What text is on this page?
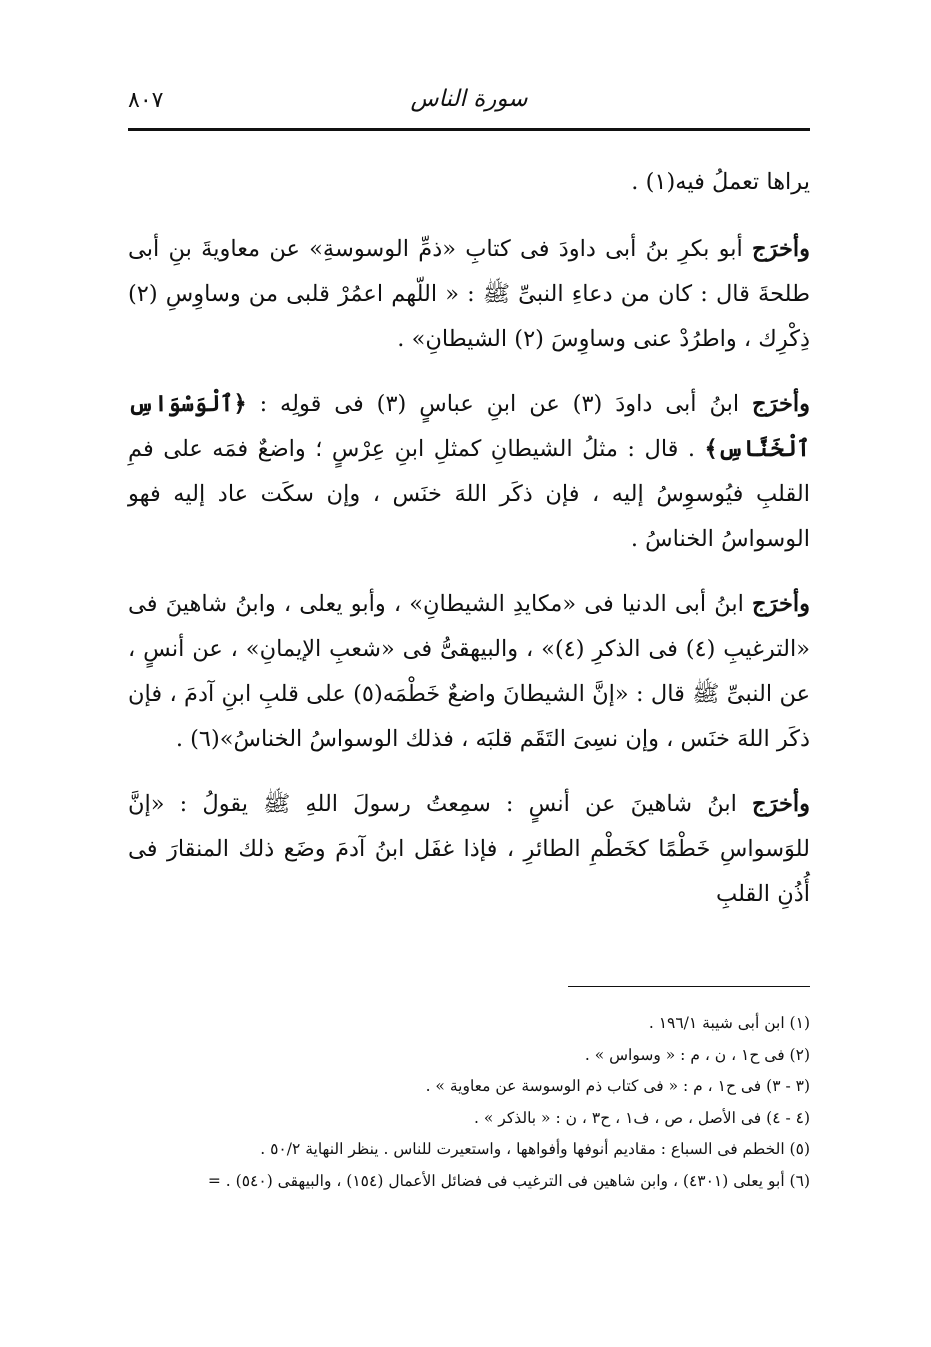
٨٠٧	سورة الناس

يراها تعملُ فيه(١) .

وأخرَج أبو بكرِ بنُ أبى داودَ فى كتابِ «ذمِّ الوسوسةِ» عن معاويةَ بنِ أبى طلحةَ قال : كان من دعاءِ النبىِّ ﷺ : « اللّهم اعمُرْ قلبى من وساوِسِ (٢) ذِكْرِك ، واطرُدْ عنى وساوِسَ (٢) الشيطانِ» .

وأخرَج ابنُ أبى داودَ (٣) عن ابنِ عباسٍ (٣) فى قولِه : ﴿ٱلْوَسْوَاسِ ٱلْخَنَّاسِ﴾ . قال : مثلُ الشيطانِ كمثلِ ابنِ عِرْسٍ ؛ واضعٌ فمَه على فمِ القلبِ فيُوسوِسُ إليه ، فإن ذكَر اللهَ خنَس ، وإن سكَت عاد إليه فهو الوسواسُ الخناسُ .

وأخرَج ابنُ أبى الدنيا فى «مكايدِ الشيطانِ» ، وأبو يعلى ، وابنُ شاهينَ فى «الترغيبِ (٤) فى الذكرِ (٤)» ، والبيهقىُّ فى «شعبِ الإيمانِ» ، عن أنسٍ ، عن النبىِّ ﷺ قال : «إنَّ الشيطانَ واضعٌ خَطْمَه(٥) على قلبِ ابنِ آدمَ ، فإن ذكَر اللهَ خنَس ، وإن نسِىَ التَقَم قلبَه ، فذلك الوسواسُ الخناسُ»(٦) .

وأخرَج ابنُ شاهينَ عن أنسٍ : سمِعتُ رسولَ اللهِ ﷺ يقولُ : «إنَّ للوَسواسِ خَطْمًا كخَطْمِ الطائرِ ، فإذا غفَل ابنُ آدمَ وضَع ذلك المنقارَ فى أُذُنِ القلبِ

(١) ابن أبى شيبة ١٩٦/١ .
(٢) فى ح١ ، ن ، م : « وسواس » .
(٣ - ٣) فى ح١ ، م : « فى كتاب ذم الوسوسة عن معاوية » .
(٤ - ٤) فى الأصل ، ص ، ف١ ، ح٣ ، ن : « بالذكر » .
(٥) الخطم فى السباع : مقاديم أنوفها وأفواهها ، واستعيرت للناس . ينظر النهاية ٥٠/٢ .
(٦) أبو يعلى (٤٣٠١) ، وابن شاهين فى الترغيب فى فضائل الأعمال (١٥٤) ، والبيهقى (٥٤٠) . =
